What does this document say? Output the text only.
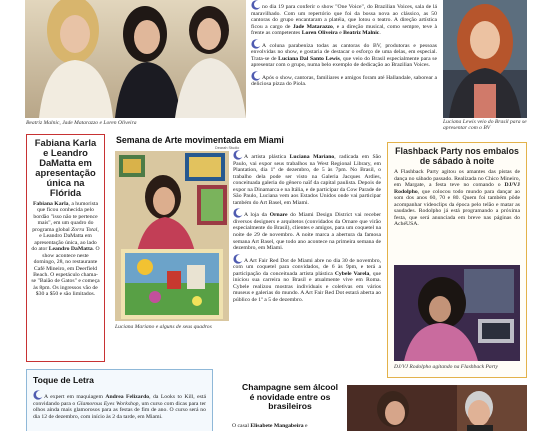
Beatriz Malnic, Jade Matarazzo e Loren Oliveira

no dia 19 para conferir o show "One Voice", do Brazilian Voices, sala de lá maravilhado. Com um repertório que foi da bossa nova ao clássico, as 50 cantoras do grupo encantaram a platéia, que lotou o teatro. A direção artística ficou a cargo de Jade Matarazzo, e a direção musical, como sempre, teve à frente as competentes Loren Oliveira e Beatriz Malnic.

A coluna parabeniza todas as cantoras do BV, produtoras e pessoas envolvidas no show, e gostaria de destacar o esforço de uma delas, em especial. Trata-se de Luciana Dal Santo Lewis, que veio do Brasil especialmente para se apresentar com o grupo, numa belo exemplo de dedicação ao Brazilian Voices.

Após o show, cantoras, familiares e amigos foram até Hallandale, saborear a deliciosa pizza do Piola.

Luciana Lewis veio do Brasil para se apresentar com o BV
Fabiana Karla e Leandro DaMatta em apresentação única na Flórida
Fabiana Karla, a humorista que ficou conhecida pelo bordão "isso não te pertence mais", em um quadro do programa global Zorra Total, e Leandro DaMatta em apresentação única, ao lado do ator Leandro DaMatta. O show acontece neste domingo, 28, no restaurante Café Mineiro, em Deerfield Beach. O espetáculo chama-se "Baião de Gatos" e começa às 8pm. Os ingressos vão de $30 a $50 e são limitados.
Semana de Arte movimentada em Miami
Dearah Studio
Luciana Mariano e alguns de seus quadros

A artista plástica Luciana Mariano, radicada em São Paulo, vai expor seus trabalhos na West Regional Library, em Plantation, dia 1º de dezembro, de 5 às 7pm. No Brasil, o trabalho dela pode ser visto na Galeria Jacques Ardies, conceituada galeria do gênero naïf da capital paulista. Depois de expor na Dinamarca e na Itália, e de participar da Cow Parade de São Paulo, Luciana vem aos Estados Unidos onde vai participar também do Art Basel, em Miami.

A loja da Ornare do Miami Design District vai receber diversos designers e arquitetos (convidados da Ornare que virão especialmente do Brasil), clientes e amigos, para um coquetel na noite de 29 de novembro. A noite marca a abertura da famosa semana Art Basel, que todo ano acontece na primeira semana de dezembro, em Miami.

A Art Fair Red Dot de Miami abre no dia 30 de novembro, com um coquetel para convidados, de 6 às 9pm, e terá a participação da conceituada artista plástica Cybele Varela, que iniciou sua carreira no Brasil e atualmente vive em Roma. Cybele realizou mostras individuais e coletivas em vários museus e galerias do mundo. A Art Fair Red Dot estará aberta ao público de 1º a 5 de dezembro.

Flashback Party nos embalos de sábado à noite
A Flashback Party agitou os amantes das pistas de dança no sábado passado. Realizada no Chico Mineiro, em Margate, a festa teve no comando o DJ/VJ Rodolpho, que colocou todo mundo para dançar ao som dos anos 60, 70 e 80. Quem foi também pôde acompanhar videoclips da época pelo telão e matar as saudades. Rodolpho já está programando a próxima festa, que será anunciada em breve nas páginas do AchéUSA.
DJ/VJ Rodolpho agitando na Flashback Party
Toque de Letra
A expert em maquiagem Andrea Felizardo, da Looks to Kill, está convidando para o Glamorous Eyes Workshop, um curso com dicas para ter olhos ainda mais glamorosos para as festas de fim de ano. O curso será no dia 12 de dezembro, com início às 2 da tarde, em Miami.
Champagne sem álcool é novidade entre os brasileiros
O casal Elisabete Mangabeira e
